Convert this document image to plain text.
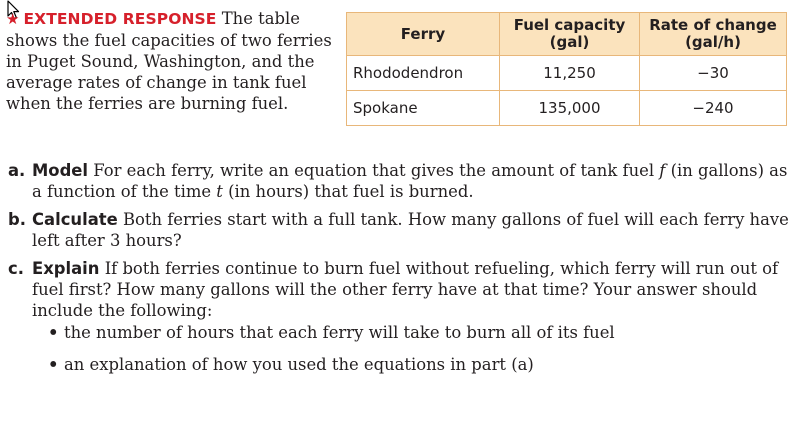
★ EXTENDED RESPONSE The table shows the fuel capacities of two ferries in Puget Sound, Washington, and the average rates of change in tank fuel when the ferries are burning fuel.
Ferry	Fuel capacity (gal)	Rate of change (gal/h)
Rhododendron	11,250	−30
Spokane	135,000	−240
a. Model For each ferry, write an equation that gives the amount of tank fuel f (in gallons) as a function of the time t (in hours) that fuel is burned.
b. Calculate Both ferries start with a full tank. How many gallons of fuel will each ferry have left after 3 hours?
c. Explain If both ferries continue to burn fuel without refueling, which ferry will run out of fuel first? How many gallons will the other ferry have at that time? Your answer should include the following:
• the number of hours that each ferry will take to burn all of its fuel
• an explanation of how you used the equations in part (a)
